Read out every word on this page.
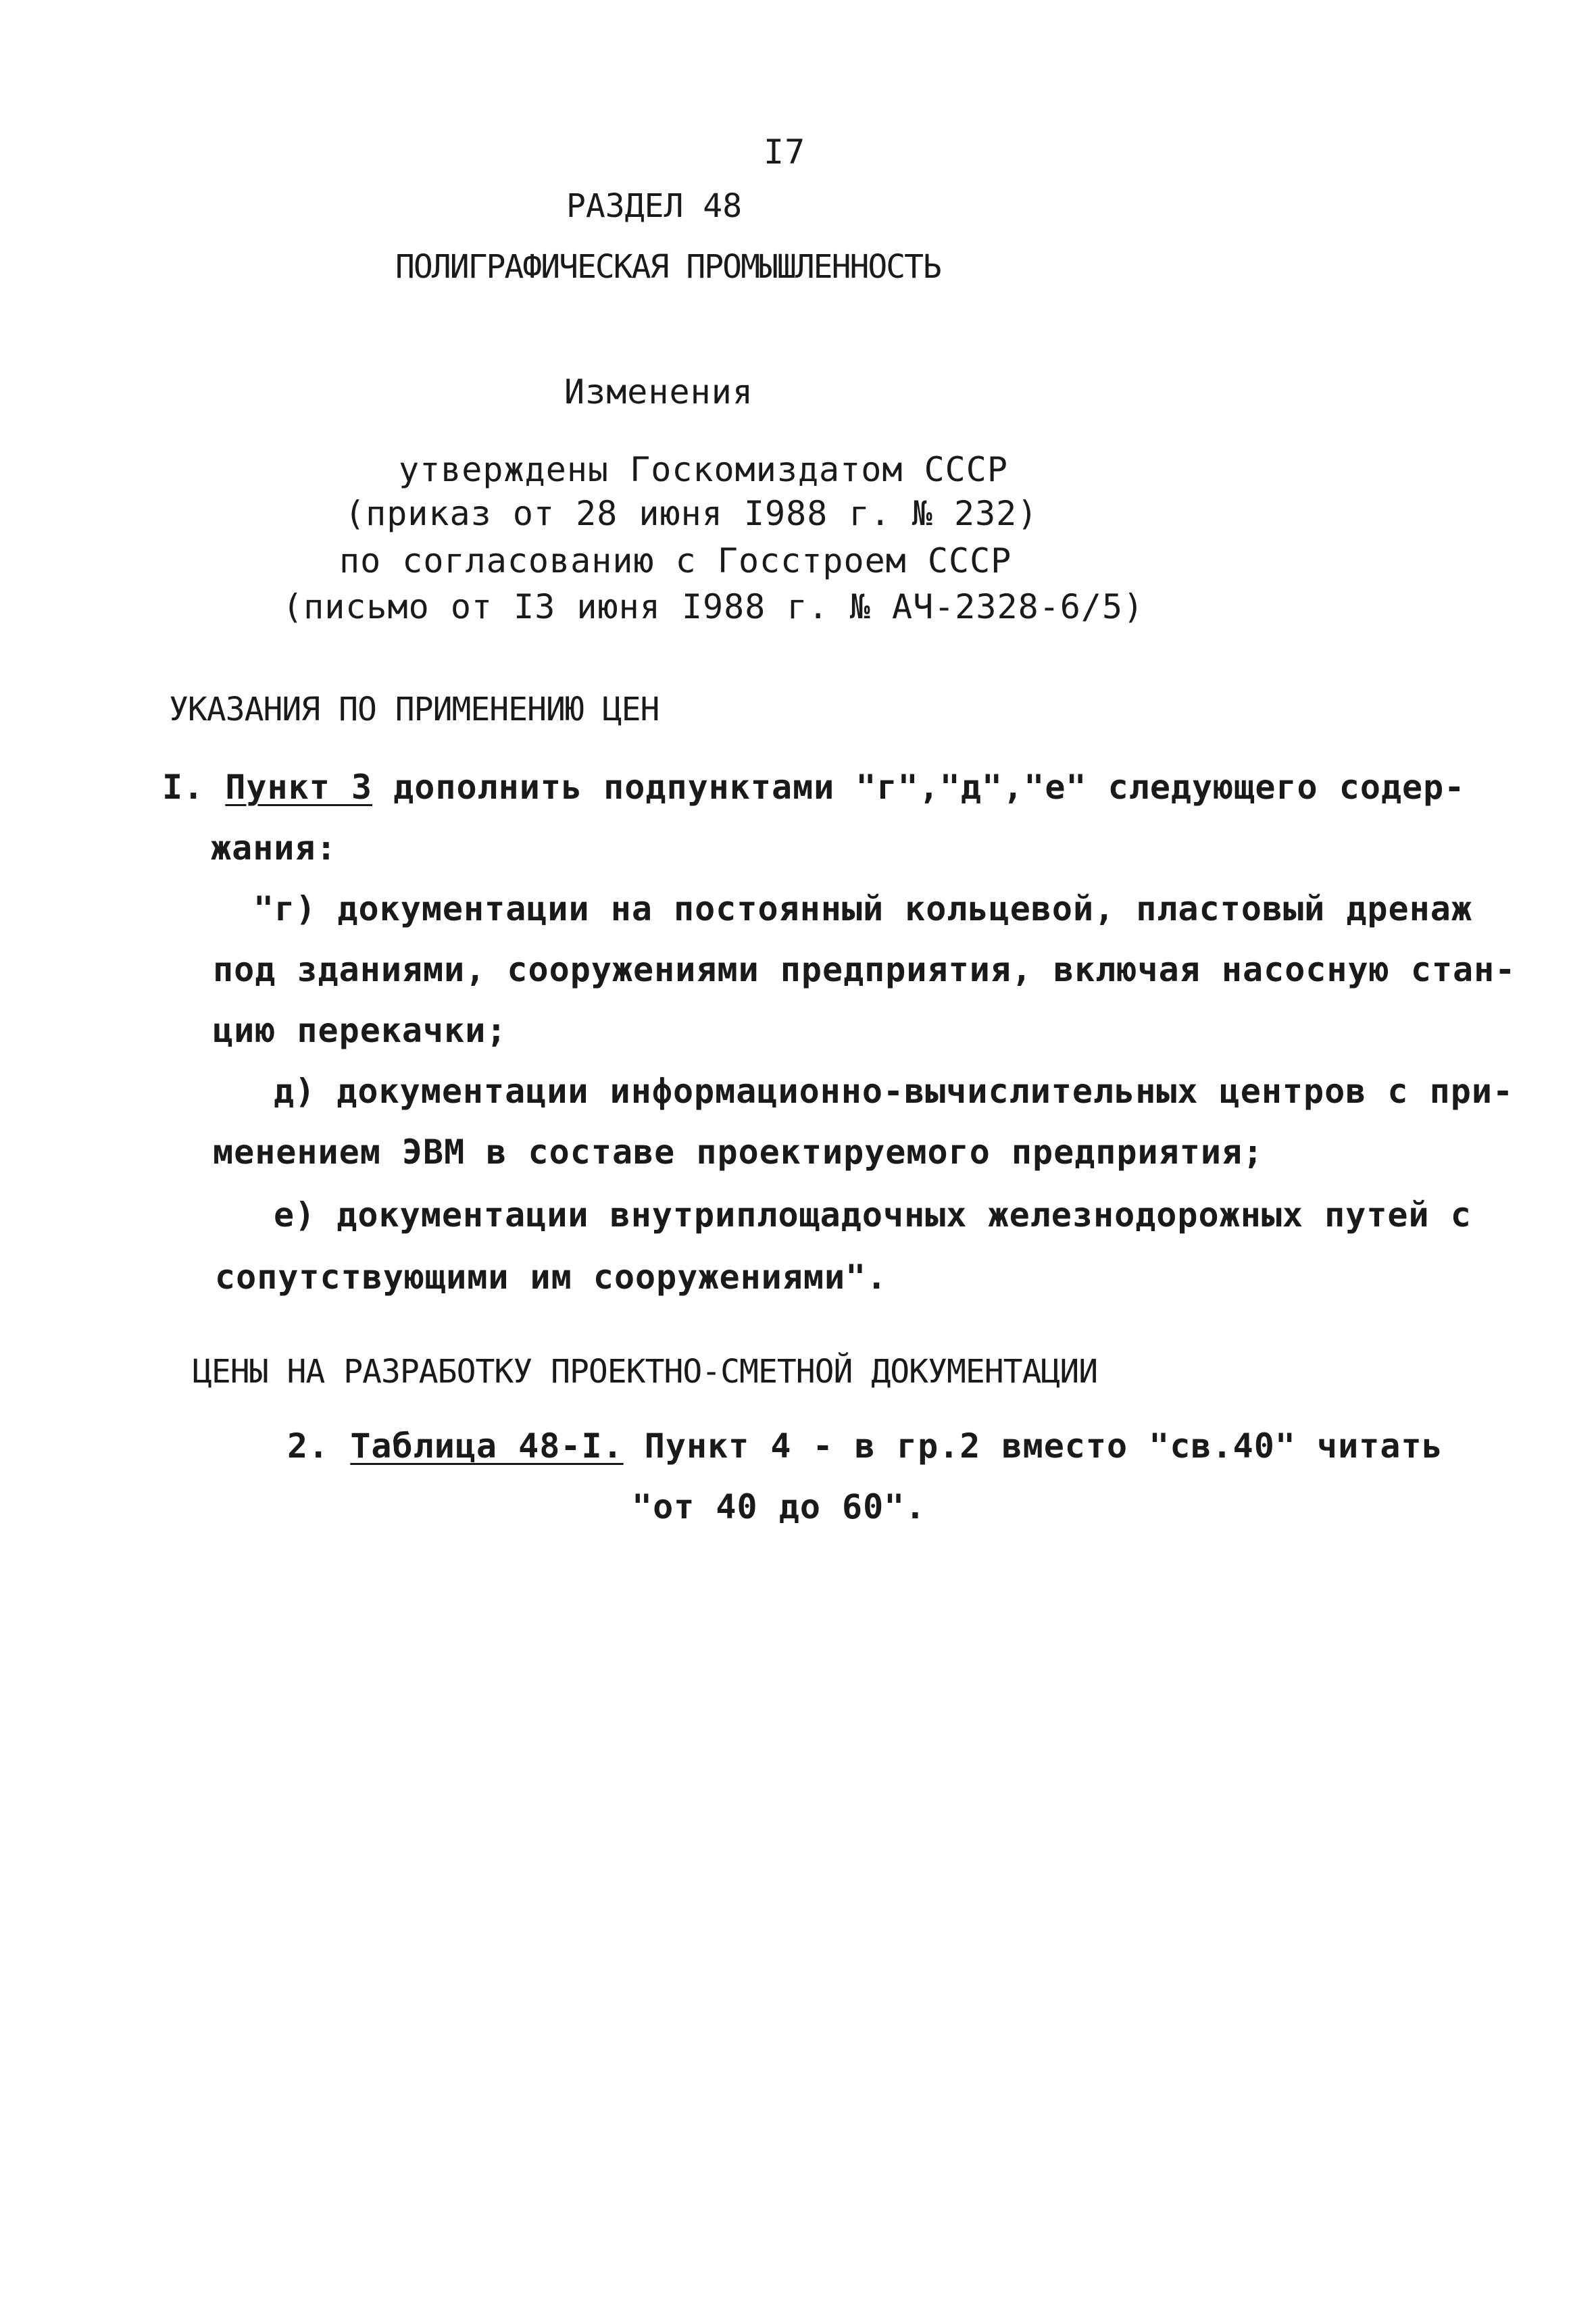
I7
РАЗДЕЛ 48
ПОЛИГРАФИЧЕСКАЯ ПРОМЫШЛЕННОСТЬ
Изменения
утверждены Госкомиздатом СССР
(приказ от 28 июня I988 г. № 232)
по согласованию с Госстроем СССР
(письмо от I3 июня I988 г. № АЧ-2328-6/5)
УКАЗАНИЯ ПО ПРИМЕНЕНИЮ ЦЕН
I. Пункт 3 дополнить подпунктами "г","д","е" следующего содер-
жания:
"г) документации на постоянный кольцевой, пластовый дренаж
под зданиями, сооружениями предприятия, включая насосную стан-
цию перекачки;
д) документации информационно-вычислительных центров с при-
менением ЭВМ в составе проектируемого предприятия;
е) документации внутриплощадочных железнодорожных путей с
сопутствующими им сооружениями".
ЦЕНЫ НА РАЗРАБОТКУ ПРОЕКТНО-СМЕТНОЙ ДОКУМЕНТАЦИИ
2. Таблица 48-I. Пункт 4 - в гр.2 вместо "св.40" читать
"от 40 до 60".
